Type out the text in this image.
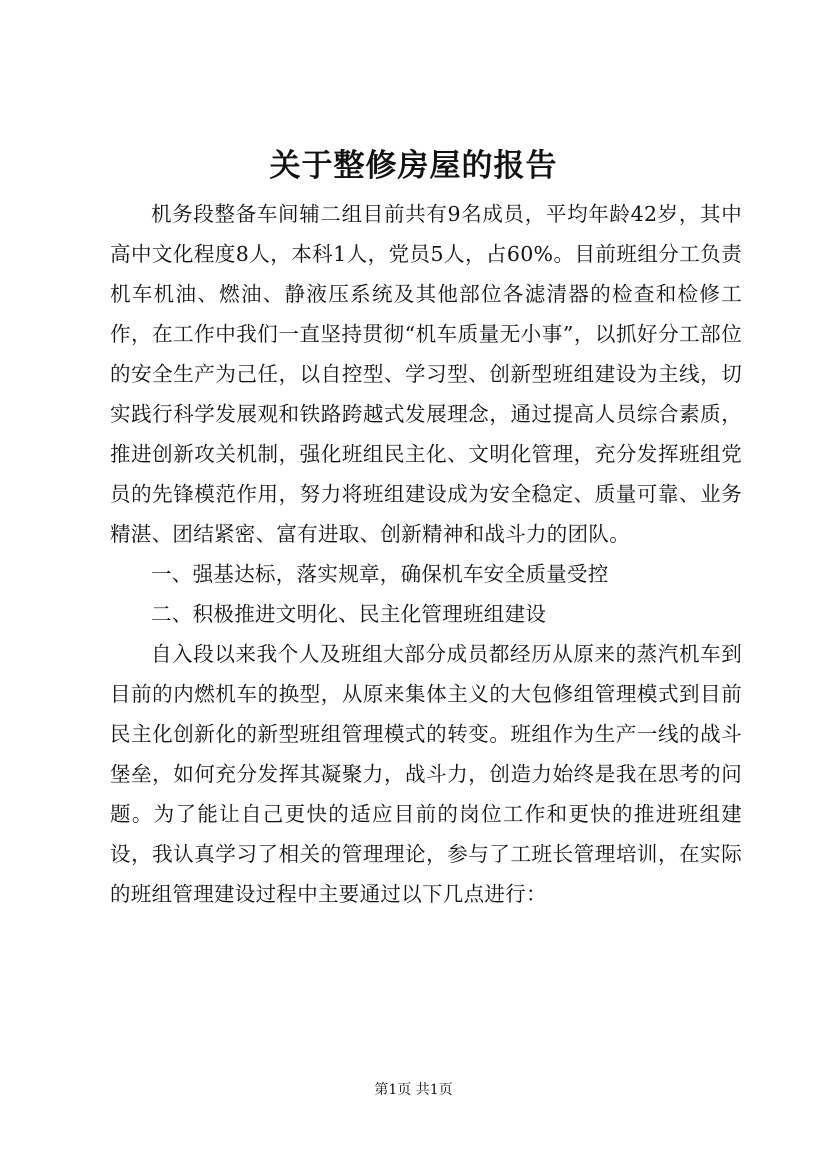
关于整修房屋的报告

机务段整备车间辅二组目前共有9名成员，平均年龄42岁，其中高中文化程度8人，本科1人，党员5人，占60%。目前班组分工负责机车机油、燃油、静液压系统及其他部位各滤清器的检查和检修工作，在工作中我们一直坚持贯彻“机车质量无小事”，以抓好分工部位的安全生产为己任，以自控型、学习型、创新型班组建设为主线，切实践行科学发展观和铁路跨越式发展理念，通过提高人员综合素质，推进创新攻关机制，强化班组民主化、文明化管理，充分发挥班组党员的先锋模范作用，努力将班组建设成为安全稳定、质量可靠、业务精湛、团结紧密、富有进取、创新精神和战斗力的团队。

一、强基达标，落实规章，确保机车安全质量受控

二、积极推进文明化、民主化管理班组建设

自入段以来我个人及班组大部分成员都经历从原来的蒸汽机车到目前的内燃机车的换型，从原来集体主义的大包修组管理模式到目前民主化创新化的新型班组管理模式的转变。班组作为生产一线的战斗堡垒，如何充分发挥其凝聚力，战斗力，创造力始终是我在思考的问题。为了能让自己更快的适应目前的岗位工作和更快的推进班组建设，我认真学习了相关的管理理论，参与了工班长管理培训，在实际的班组管理建设过程中主要通过以下几点进行：

第1页 共1页
